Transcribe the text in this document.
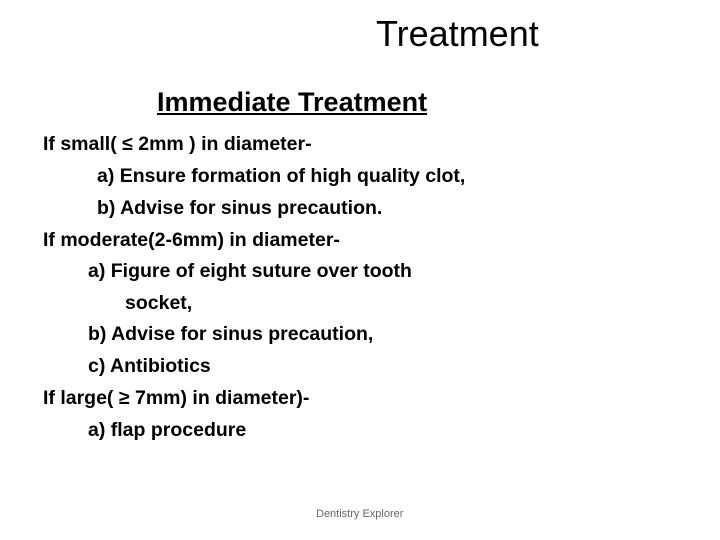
Treatment
Immediate Treatment
If small( ≤ 2mm ) in diameter-
a) Ensure formation of high quality clot,
b) Advise for sinus precaution.
If moderate(2-6mm) in diameter-
a) Figure of eight suture over tooth
socket,
b) Advise for sinus precaution,
c) Antibiotics
If large( ≥ 7mm) in diameter)-
a) flap procedure
Dentistry Explorer
